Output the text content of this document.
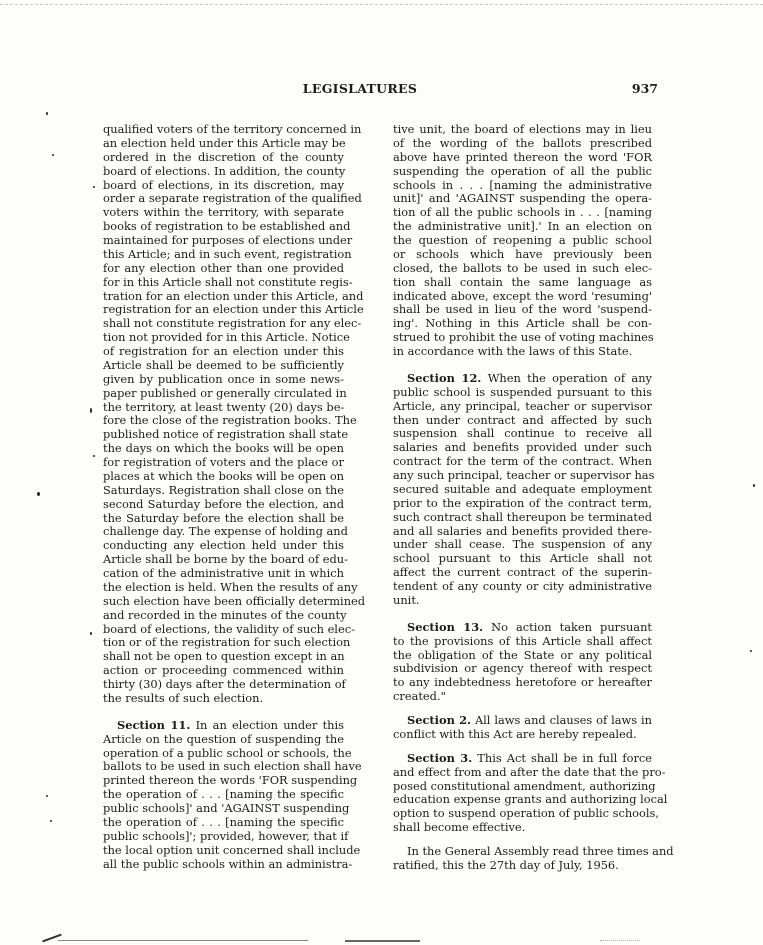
LEGISLATURES	937
qualified voters of the territory concerned in
an election held under this Article may be
ordered in the discretion of the county
board of elections. In addition, the county
board of elections, in its discretion, may
order a separate registration of the qualified
voters within the territory, with separate
books of registration to be established and
maintained for purposes of elections under
this Article; and in such event, registration
for any election other than one provided
for in this Article shall not constitute regis-
tration for an election under this Article, and
registration for an election under this Article
shall not constitute registration for any elec-
tion not provided for in this Article. Notice
of registration for an election under this
Article shall be deemed to be sufficiently
given by publication once in some news-
paper published or generally circulated in
the territory, at least twenty (20) days be-
fore the close of the registration books. The
published notice of registration shall state
the days on which the books will be open
for registration of voters and the place or
places at which the books will be open on
Saturdays. Registration shall close on the
second Saturday before the election, and
the Saturday before the election shall be
challenge day. The expense of holding and
conducting any election held under this
Article shall be borne by the board of edu-
cation of the administrative unit in which
the election is held. When the results of any
such election have been officially determined
and recorded in the minutes of the county
board of elections, the validity of such elec-
tion or of the registration for such election
shall not be open to question except in an
action or proceeding commenced within
thirty (30) days after the determination of
the results of such election.
Section 11. In an election under this
Article on the question of suspending the
operation of a public school or schools, the
ballots to be used in such election shall have
printed thereon the words 'FOR suspending
the operation of . . . [naming the specific
public schools]' and 'AGAINST suspending
the operation of . . . [naming the specific
public schools]'; provided, however, that if
the local option unit concerned shall include
all the public schools within an administra-
tive unit, the board of elections may in lieu
of the wording of the ballots prescribed
above have printed thereon the word 'FOR
suspending the operation of all the public
schools in . . . [naming the administrative
unit]' and 'AGAINST suspending the opera-
tion of all the public schools in . . . [naming
the administrative unit].' In an election on
the question of reopening a public school
or schools which have previously been
closed, the ballots to be used in such elec-
tion shall contain the same language as
indicated above, except the word 'resuming'
shall be used in lieu of the word 'suspend-
ing'. Nothing in this Article shall be con-
strued to prohibit the use of voting machines
in accordance with the laws of this State.
Section 12. When the operation of any
public school is suspended pursuant to this
Article, any principal, teacher or supervisor
then under contract and affected by such
suspension shall continue to receive all
salaries and benefits provided under such
contract for the term of the contract. When
any such principal, teacher or supervisor has
secured suitable and adequate employment
prior to the expiration of the contract term,
such contract shall thereupon be terminated
and all salaries and benefits provided there-
under shall cease. The suspension of any
school pursuant to this Article shall not
affect the current contract of the superin-
tendent of any county or city administrative
unit.
Section 13. No action taken pursuant
to the provisions of this Article shall affect
the obligation of the State or any political
subdivision or agency thereof with respect
to any indebtedness heretofore or hereafter
created."
Section 2. All laws and clauses of laws in
conflict with this Act are hereby repealed.
Section 3. This Act shall be in full force
and effect from and after the date that the pro-
posed constitutional amendment, authorizing
education expense grants and authorizing local
option to suspend operation of public schools,
shall become effective.
In the General Assembly read three times and
ratified, this the 27th day of July, 1956.
